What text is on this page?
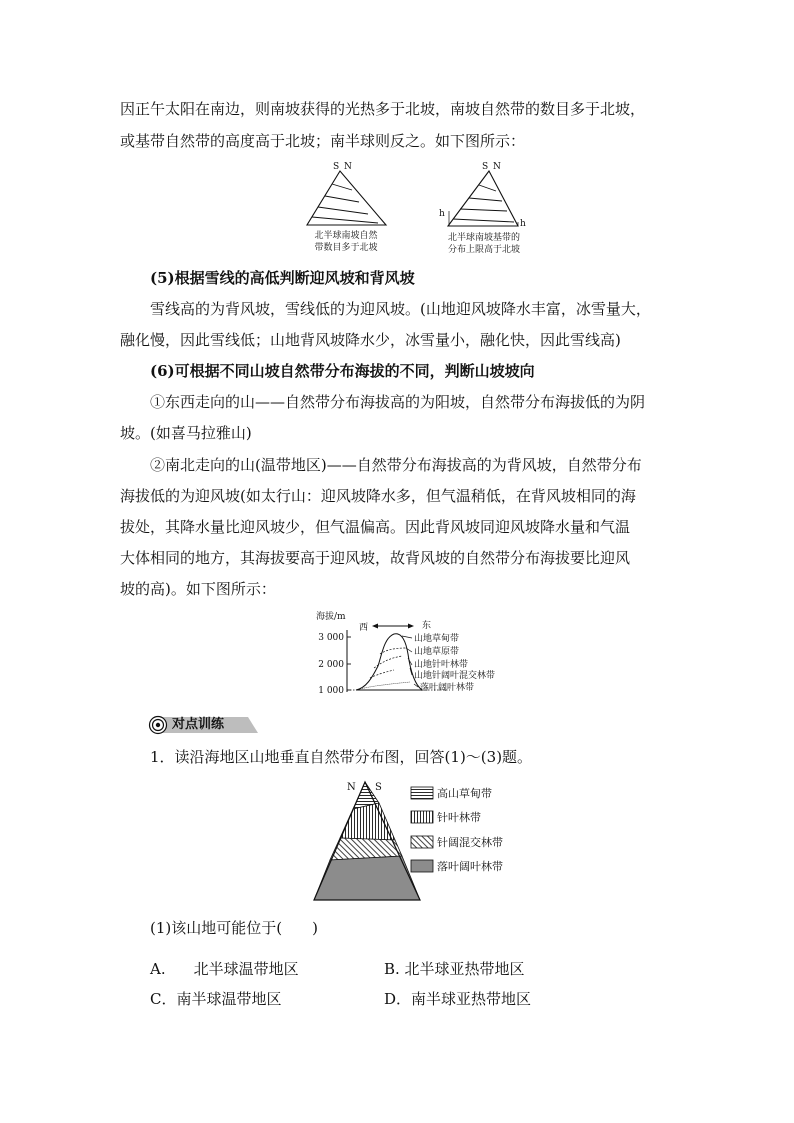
因正午太阳在南边，则南坡获得的光热多于北坡，南坡自然带的数目多于北坡，
或基带自然带的高度高于北坡；南半球则反之。如下图所示：
S N
北半球南坡自然
带数目多于北坡
S N
h
h
北半球南坡基带的
分布上限高于北坡
(5)根据雪线的高低判断迎风坡和背风坡
雪线高的为背风坡，雪线低的为迎风坡。(山地迎风坡降水丰富，冰雪量大，
融化慢，因此雪线低；山地背风坡降水少，冰雪量小，融化快，因此雪线高)
(6)可根据不同山坡自然带分布海拔的不同，判断山坡坡向
①东西走向的山——自然带分布海拔高的为阳坡，自然带分布海拔低的为阴
坡。(如喜马拉雅山)
②南北走向的山(温带地区)——自然带分布海拔高的为背风坡，自然带分布
海拔低的为迎风坡(如太行山：迎风坡降水多，但气温稍低，在背风坡相同的海
拔处，其降水量比迎风坡少，但气温偏高。因此背风坡同迎风坡降水量和气温
大体相同的地方，其海拔要高于迎风坡，故背风坡的自然带分布海拔要比迎风
坡的高)。如下图所示：
海拔/m
西	东
3 000
2 000
1 000
山地草甸带
山地草原带
山地针叶林带
山地针阔叶混交林带
落叶阔叶林带
对点训练
1．读沿海地区山地垂直自然带分布图，回答(1)～(3)题。
N S	高山草甸带
针叶林带
针阔混交林带
落叶阔叶林带
(1)该山地可能位于(　　)
A. 北半球温带地区	B. 北半球亚热带地区
C．南半球温带地区	D．南半球亚热带地区
